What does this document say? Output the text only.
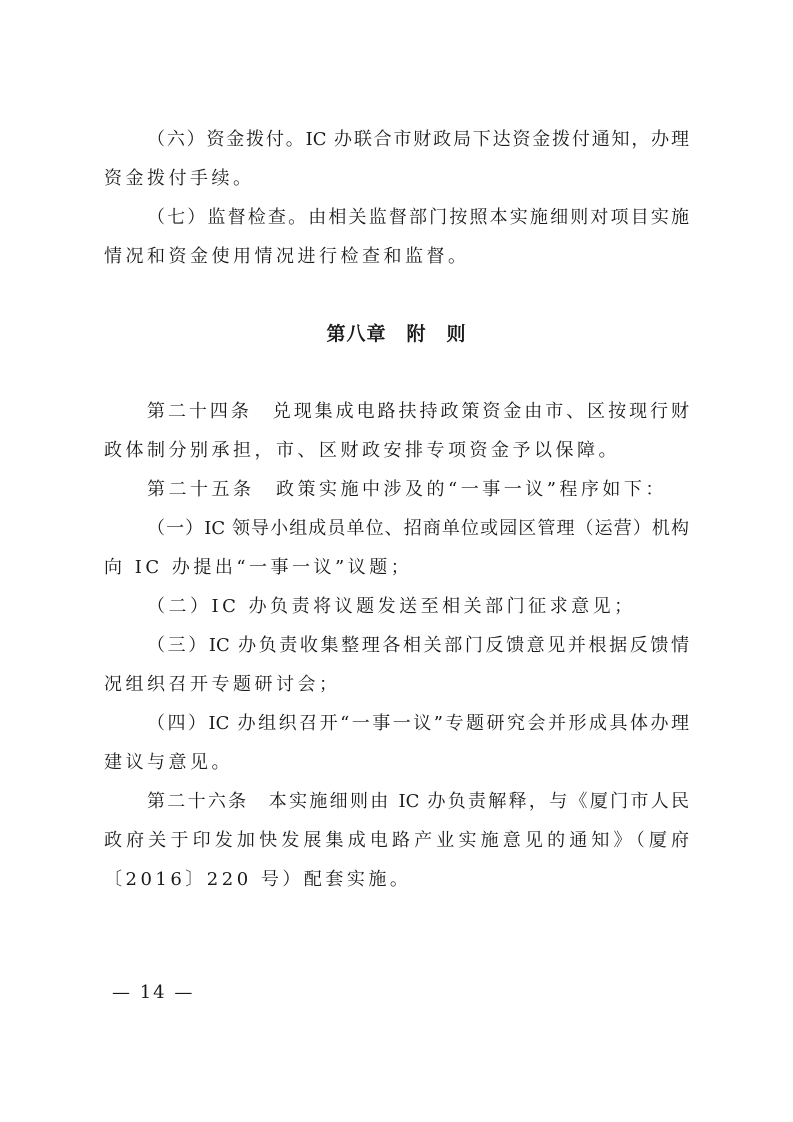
（六）资金拨付。IC 办联合市财政局下达资金拨付通知，办理
资金拨付手续。
（七）监督检查。由相关监督部门按照本实施细则对项目实施
情况和资金使用情况进行检查和监督。
第八章　附　则
第二十四条　兑现集成电路扶持政策资金由市、区按现行财
政体制分别承担，市、区财政安排专项资金予以保障。
第二十五条　政策实施中涉及的“一事一议”程序如下：
（一）IC 领导小组成员单位、招商单位或园区管理（运营）机构
向 IC 办提出“一事一议”议题；
（二）IC 办负责将议题发送至相关部门征求意见；
（三）IC 办负责收集整理各相关部门反馈意见并根据反馈情
况组织召开专题研讨会；
（四）IC 办组织召开“一事一议”专题研究会并形成具体办理
建议与意见。
第二十六条　本实施细则由 IC 办负责解释，与《厦门市人民
政府关于印发加快发展集成电路产业实施意见的通知》（厦府
〔2016〕220 号）配套实施。
— 14 —
